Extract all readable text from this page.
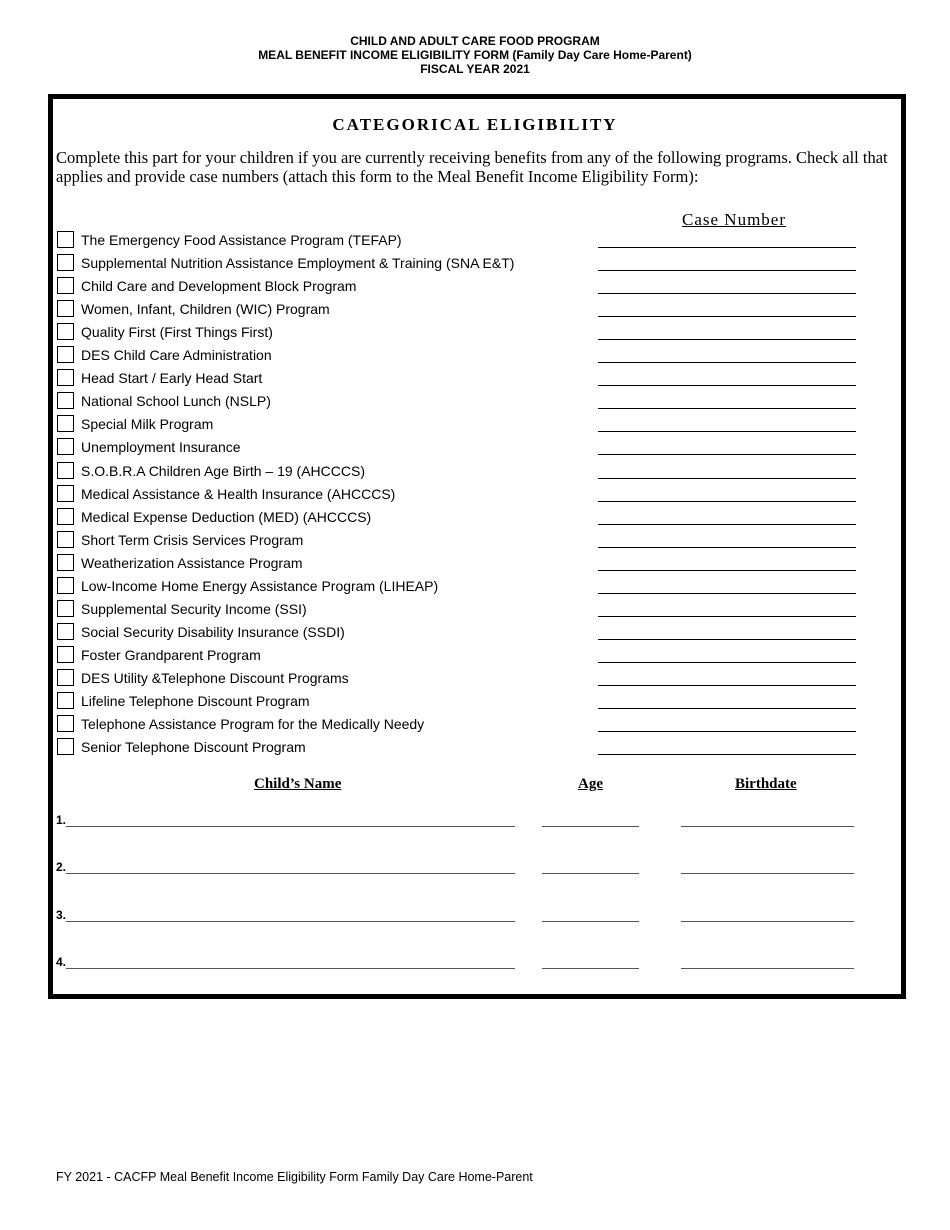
CHILD AND ADULT CARE FOOD PROGRAM
MEAL BENEFIT INCOME ELIGIBILITY FORM (Family Day Care Home-Parent)
FISCAL YEAR 2021
CATEGORICAL ELIGIBILITY
Complete this part for your children if you are currently receiving benefits from any of the following programs. Check all that applies and provide case numbers (attach this form to the Meal Benefit Income Eligibility Form):
Case Number
The Emergency Food Assistance Program (TEFAP)
Supplemental Nutrition Assistance Employment & Training (SNA E&T)
Child Care and Development Block Program
Women, Infant, Children (WIC) Program
Quality First (First Things First)
DES Child Care Administration
Head Start / Early Head Start
National School Lunch (NSLP)
Special Milk Program
Unemployment Insurance
S.O.B.R.A Children Age Birth – 19 (AHCCCS)
Medical Assistance & Health Insurance (AHCCCS)
Medical Expense Deduction (MED) (AHCCCS)
Short Term Crisis Services Program
Weatherization Assistance Program
Low-Income Home Energy Assistance Program (LIHEAP)
Supplemental Security Income (SSI)
Social Security Disability Insurance (SSDI)
Foster Grandparent Program
DES Utility &Telephone Discount Programs
Lifeline Telephone Discount Program
Telephone Assistance Program for the Medically Needy
Senior Telephone Discount Program
Child’s Name	Age	Birthdate
1.
2.
3.
4.
FY 2021 - CACFP Meal Benefit Income Eligibility Form Family Day Care Home-Parent
